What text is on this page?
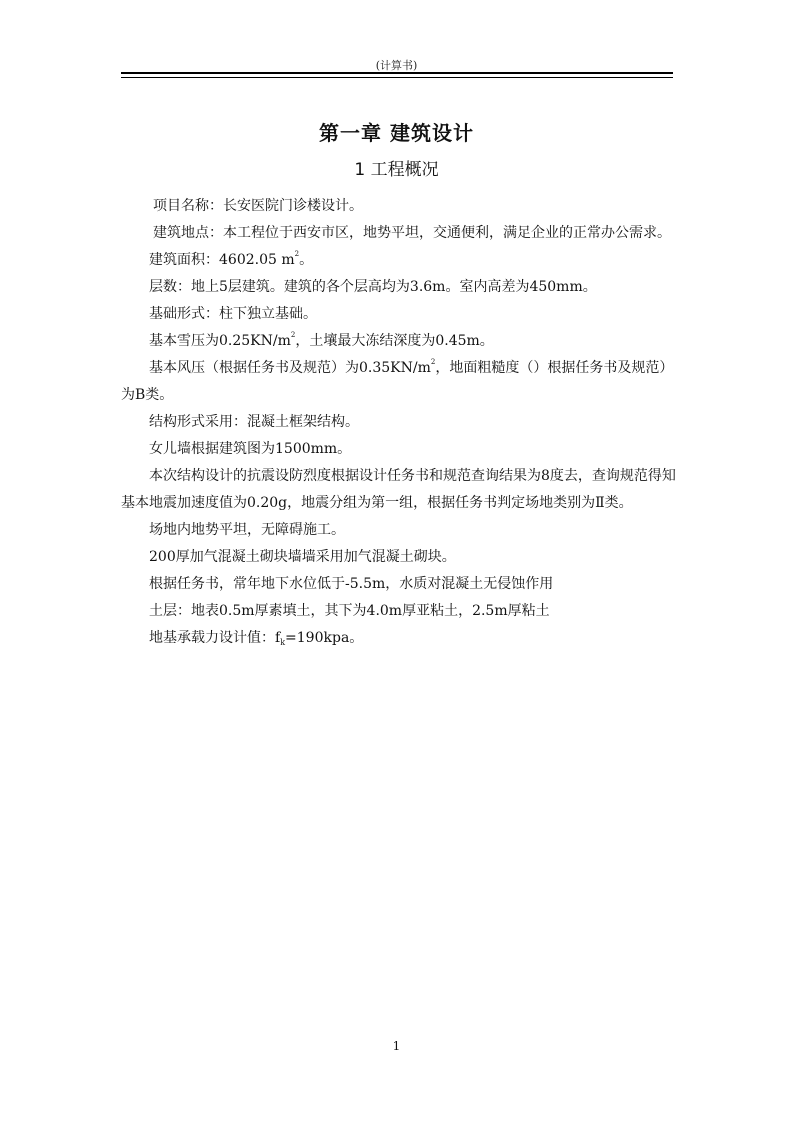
(计算书)
第一章 建筑设计
1 工程概况

项目名称：长安医院门诊楼设计。

建筑地点：本工程位于西安市区，地势平坦，交通便利，满足企业的正常办公需求。

建筑面积：4602.05 $m^2$。

层数：地上5层建筑。建筑的各个层高均为3.6m。室内高差为450mm。

基础形式：柱下独立基础。

基本雪压为$0.25KN/m^2$，土壤最大冻结深度为0.45m。

基本风压（根据任务书及规范）为$0.35KN/m^2$，地面粗糙度（）根据任务书及规范）为B类。

结构形式采用：混凝土框架结构。

女儿墙根据建筑图为1500mm。

本次结构设计的抗震设防烈度根据设计任务书和规范查询结果为8度去，查询规范得知基本地震加速度值为0.20g，地震分组为第一组，根据任务书判定场地类别为Ⅱ类。

场地内地势平坦，无障碍施工。

200厚加气混凝土砌块墙墙采用加气混凝土砌块。

根据任务书，常年地下水位低于-5.5m，水质对混凝土无侵蚀作用

土层：地表0.5m厚素填土，其下为4.0m厚亚粘土，2.5m厚粘土

地基承载力设计值：$f_k=190kpa$。

1
